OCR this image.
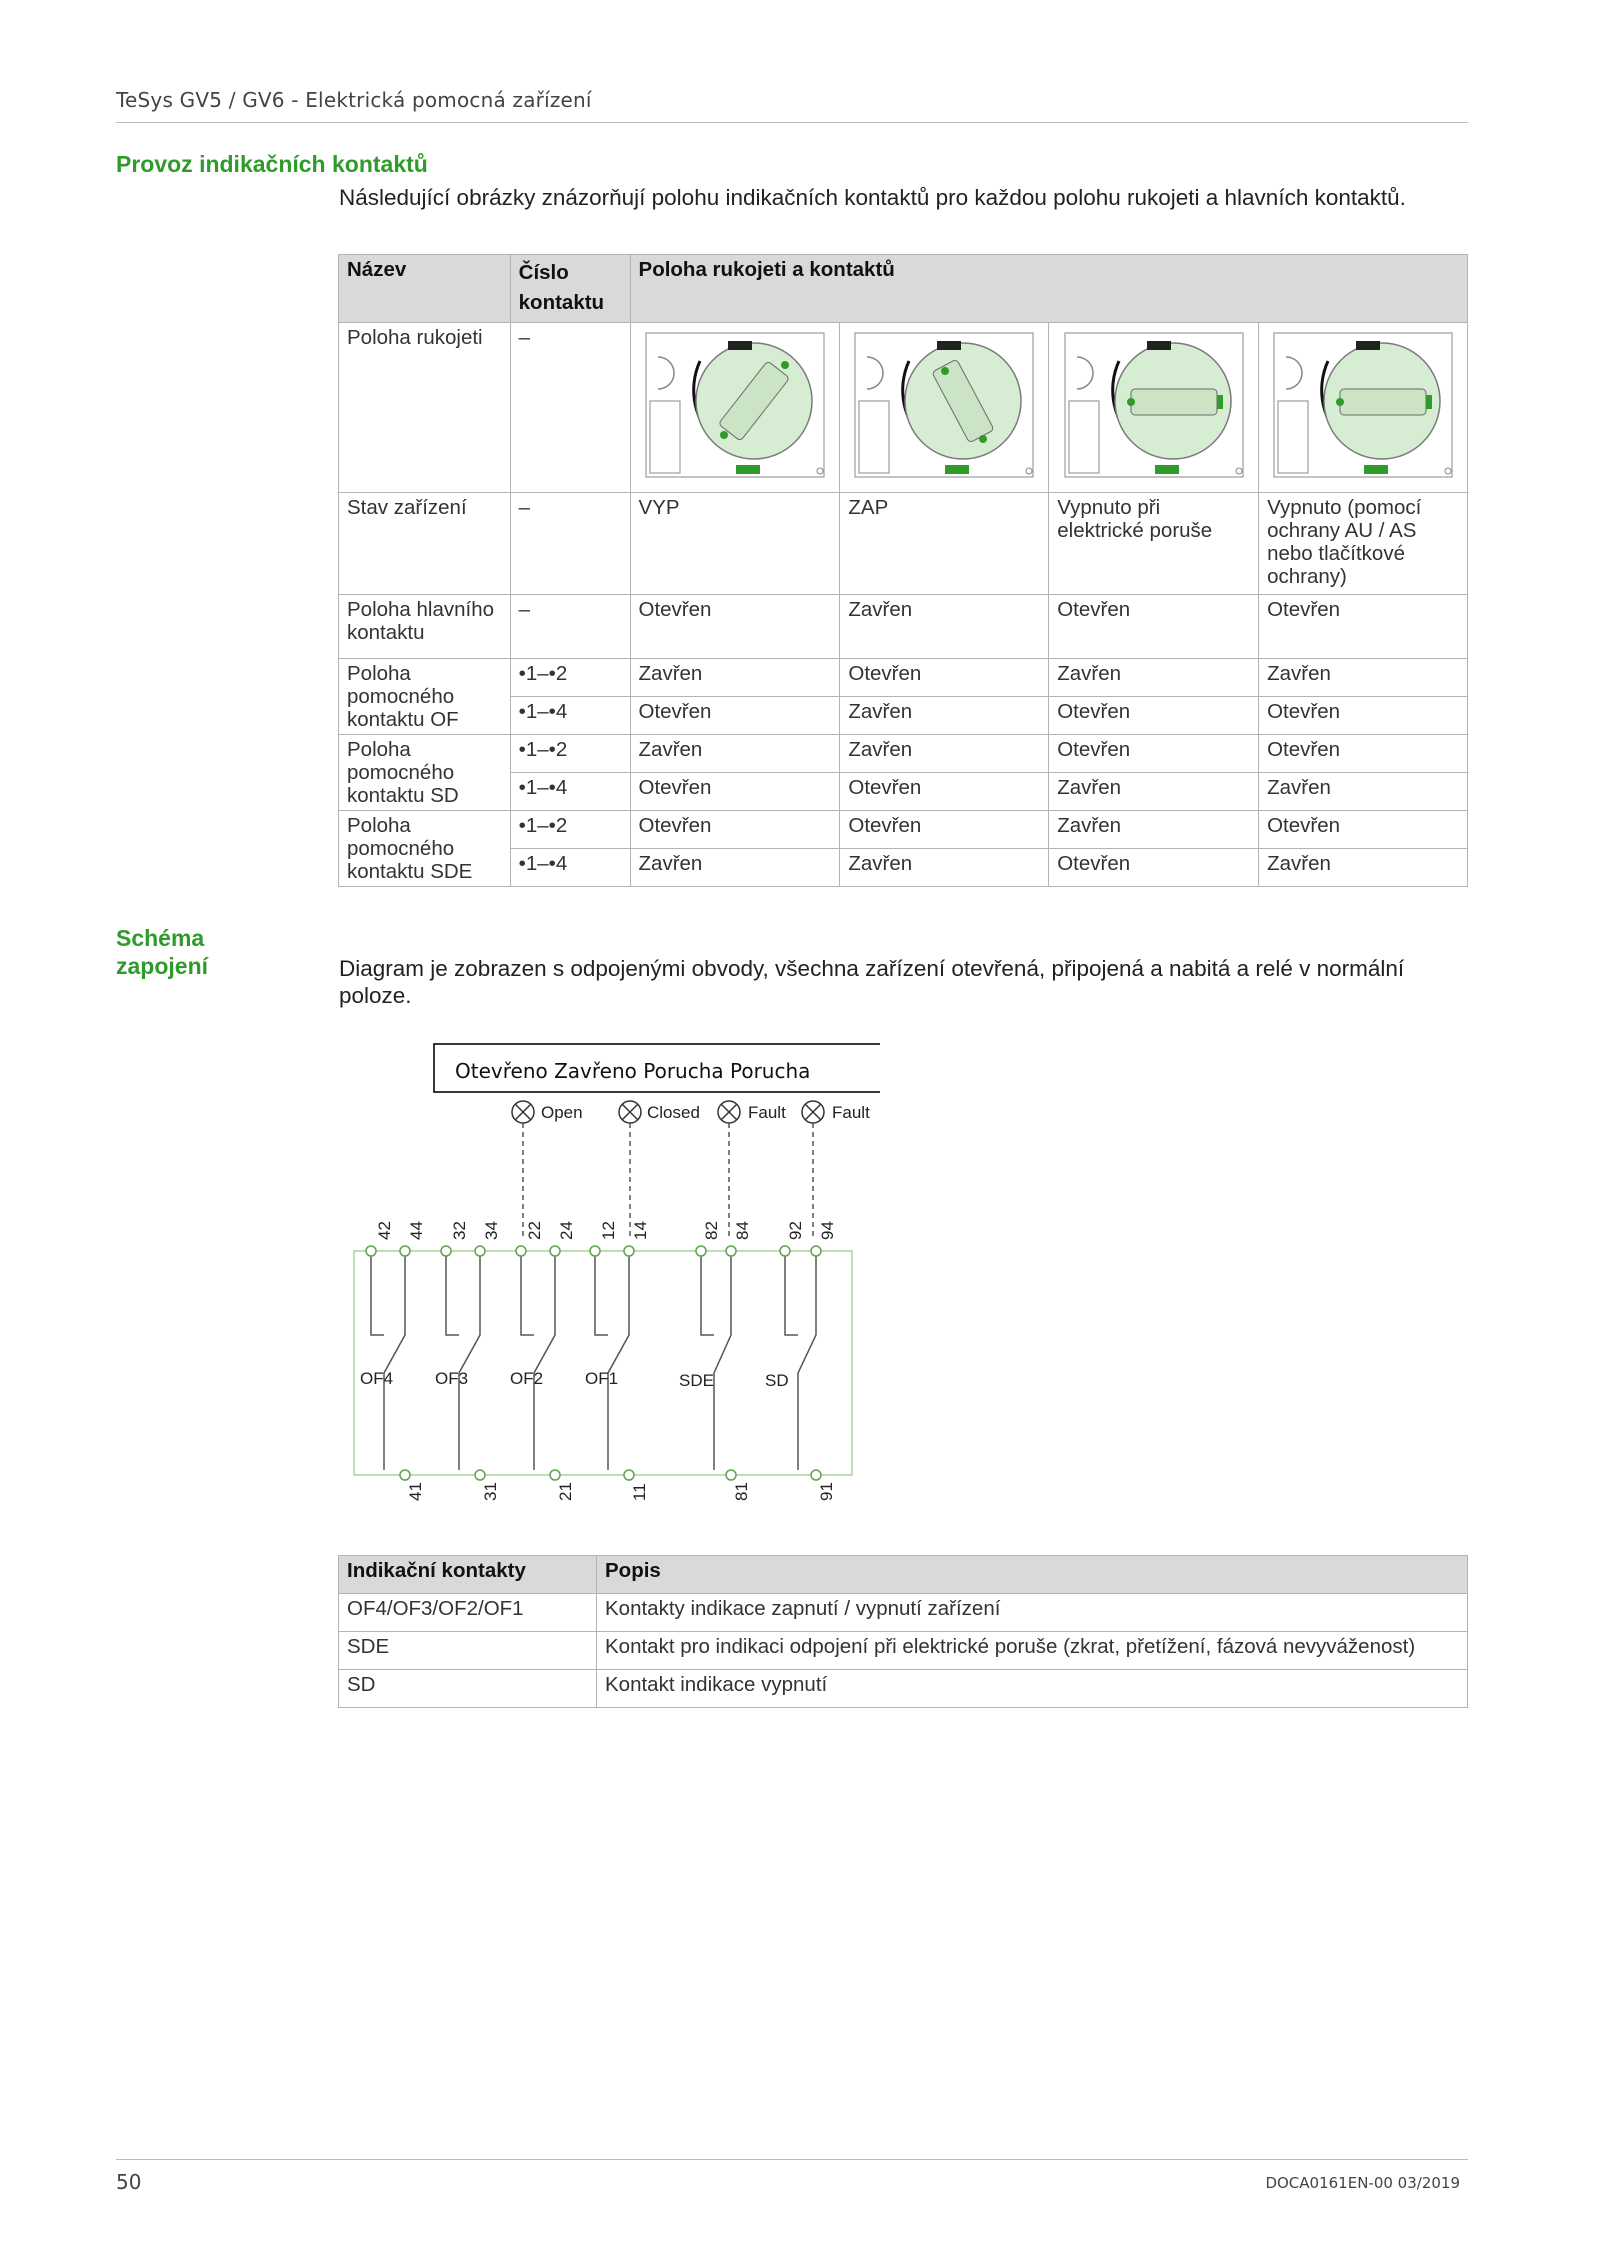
TeSys GV5 / GV6 - Elektrická pomocná zařízení
Provoz indikačních kontaktů
Následující obrázky znázorňují polohu indikačních kontaktů pro každou polohu rukojeti a hlavních kontaktů.
Název	Číslo kontaktu	Poloha rukojeti a kontaktů			
Poloha rukojeti	–				
Stav zařízení	–	VYP	ZAP	Vypnuto při elektrické poruše	Vypnuto (pomocí ochrany AU / AS nebo tlačítkové ochrany)
Poloha hlavního kontaktu	–	Otevřen	Zavřen	Otevřen	Otevřen
Poloha pomocného kontaktu OF	•1–•2	Zavřen	Otevřen	Zavřen	Zavřen
	•1–•4	Otevřen	Zavřen	Otevřen	Otevřen
Poloha pomocného kontaktu SD	•1–•2	Zavřen	Zavřen	Otevřen	Otevřen
	•1–•4	Otevřen	Otevřen	Zavřen	Zavřen
Poloha pomocného kontaktu SDE	•1–•2	Otevřen	Otevřen	Zavřen	Otevřen
	•1–•4	Zavřen	Zavřen	Otevřen	Zavřen
Schéma
zapojení	Diagram je zobrazen s odpojenými obvody, všechna zařízení otevřená, připojená a nabitá a relé v normální poloze.
Otevřeno Zavřeno Porucha Porucha
Open	Closed	Fault	Fault
42 44 32 34 22 24 12 14	82 84 92 94
OF4 OF3 OF2 OF1	SDE	SD
41	31	21	11	81	91
Indikační kontakty	Popis
OF4/OF3/OF2/OF1	Kontakty indikace zapnutí / vypnutí zařízení
SDE	Kontakt pro indikaci odpojení při elektrické poruše (zkrat, přetížení, fázová nevyváženost)
SD	Kontakt indikace vypnutí
50	DOCA0161EN-00 03/2019
